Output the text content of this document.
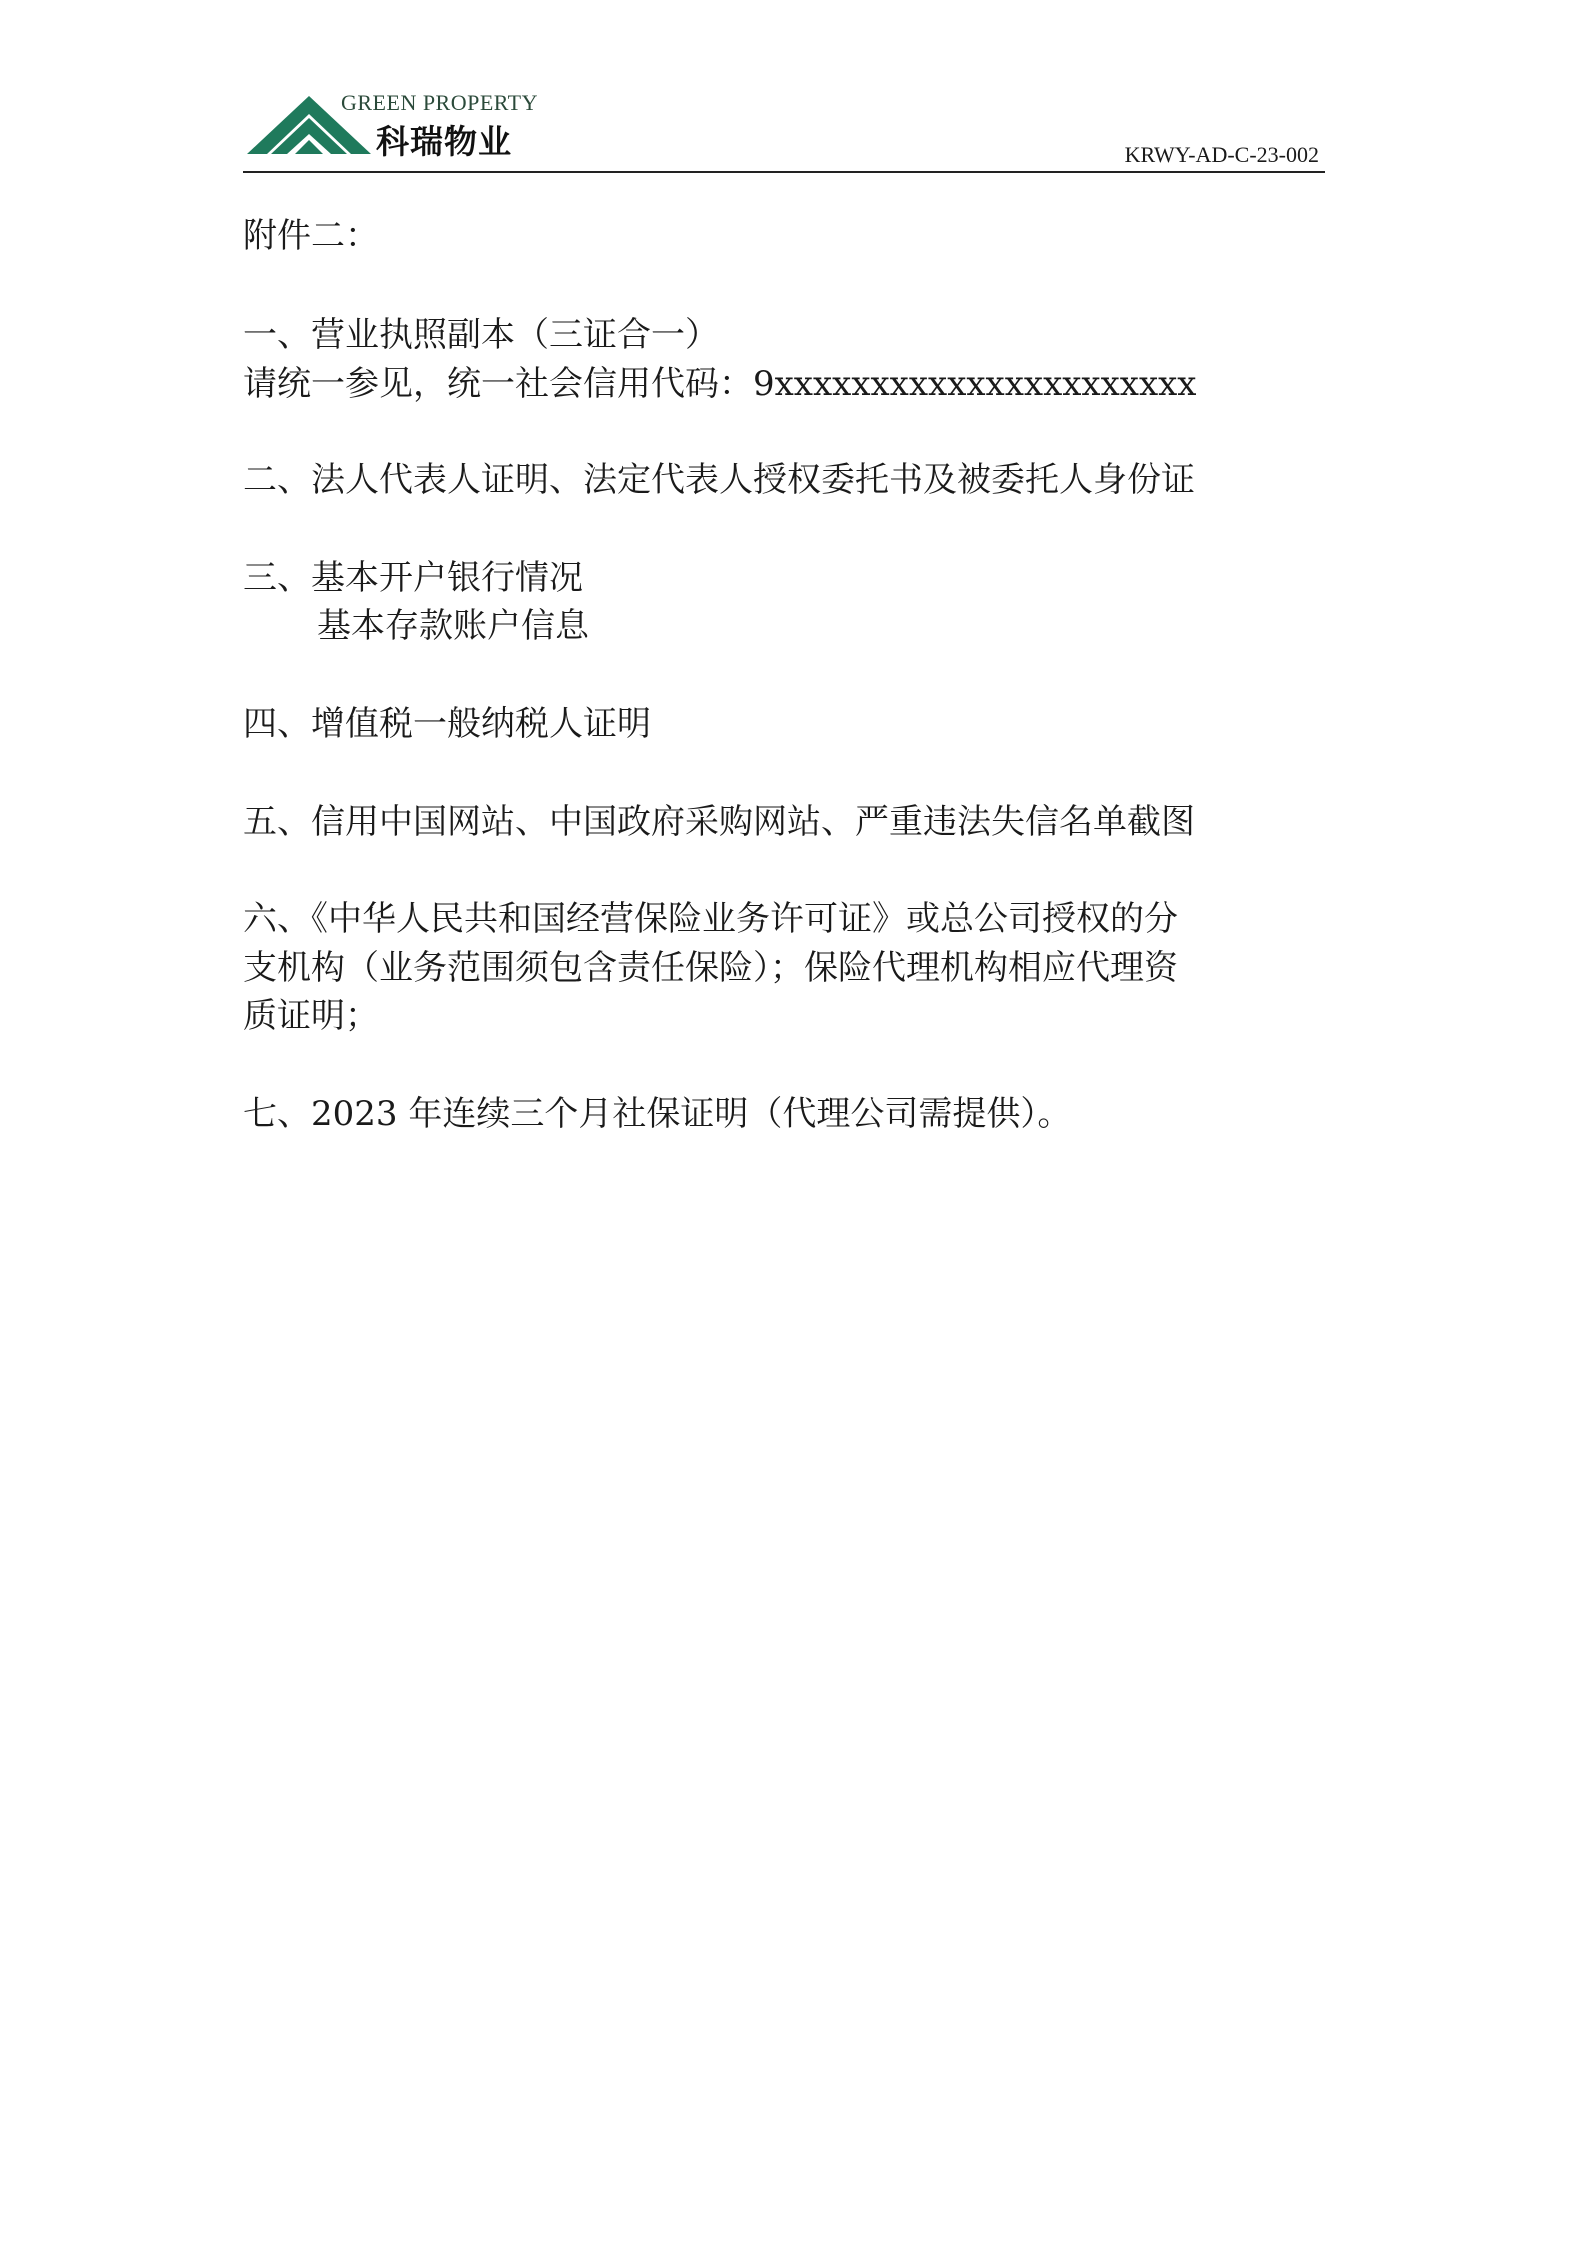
GREEN PROPERTY
科瑞物业	KRWY-AD-C-23-002
附件二：
一、营业执照副本（三证合一）
请统一参见，统一社会信用代码：9xxxxxxxxxxxxxxxxxxxxxx
二、法人代表人证明、法定代表人授权委托书及被委托人身份证
三、基本开户银行情况
基本存款账户信息
四、增值税一般纳税人证明
五、信用中国网站、中国政府采购网站、严重违法失信名单截图
六、《中华人民共和国经营保险业务许可证》或总公司授权的分
支机构（业务范围须包含责任保险）；保险代理机构相应代理资
质证明；
七、2023 年连续三个月社保证明（代理公司需提供）。
